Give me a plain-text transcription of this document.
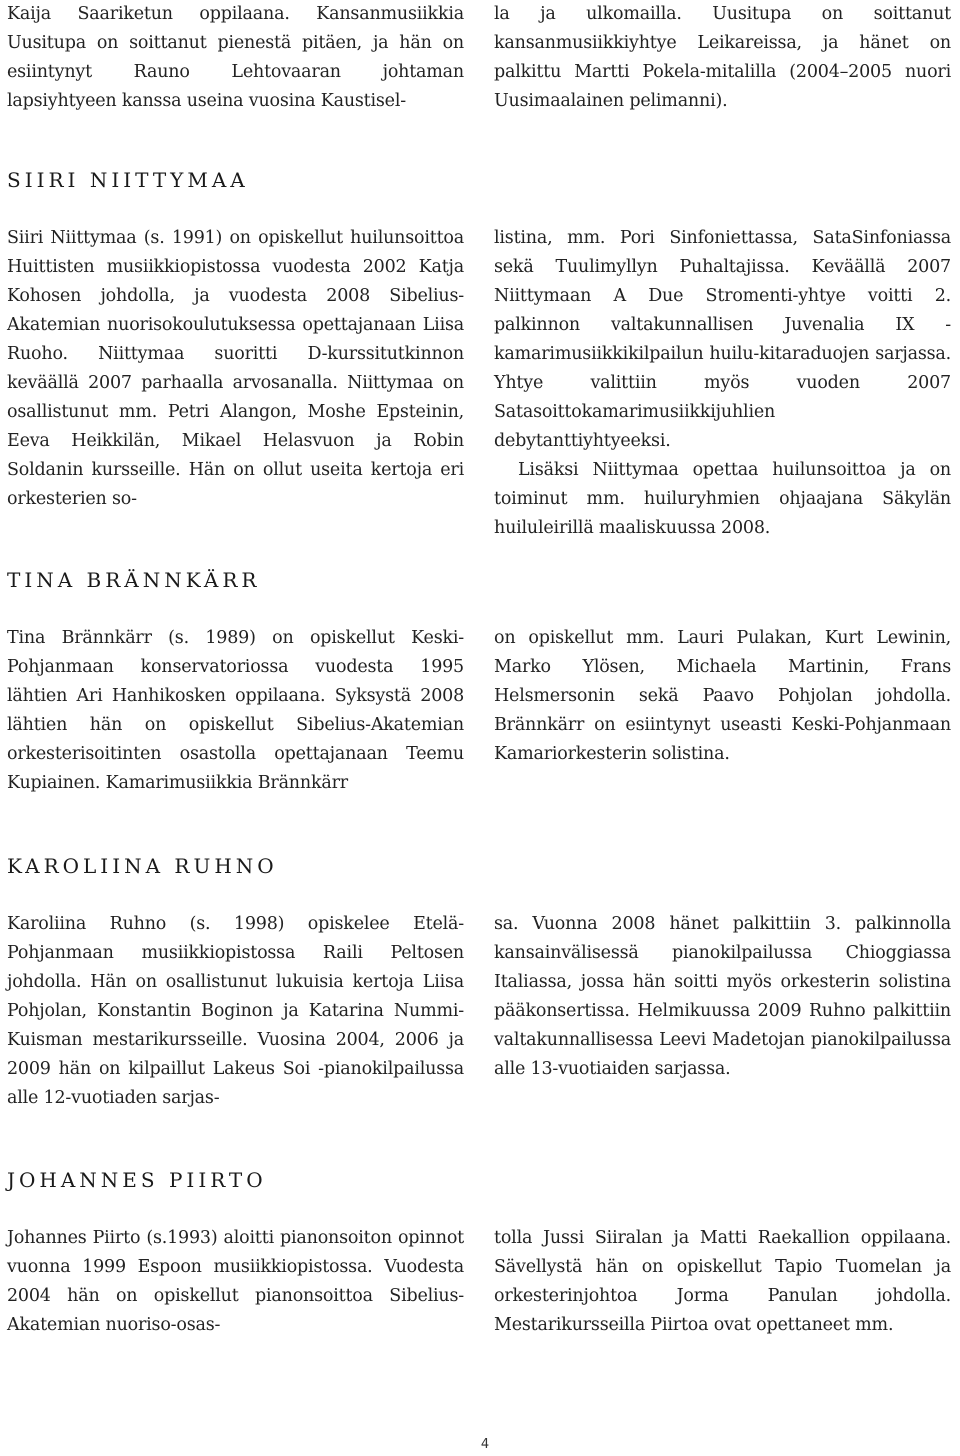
Kaija Saariketun oppilaana. Kansanmusiikkia Uusitupa on soittanut pienestä pitäen, ja hän on esiintynyt Rauno Lehtovaaran johtaman lapsiyhtyeen kanssa useina vuosina Kaustisel-

la ja ulkomailla. Uusitupa on soittanut kansanmusiikkiyhtye Leikareissa, ja hänet on palkittu Martti Pokela-mitalilla (2004–2005 nuori Uusimaalainen pelimanni).

SIIRI NIITTYMAA

Siiri Niittymaa (s. 1991) on opiskellut huilunsoittoa Huittisten musiikkiopistossa vuodesta 2002 Katja Kohosen johdolla, ja vuodesta 2008 Sibelius-Akatemian nuorisokoulutuksessa opettajanaan Liisa Ruoho. Niittymaa suoritti D-kurssitutkinnon keväällä 2007 parhaalla arvosanalla. Niittymaa on osallistunut mm. Petri Alangon, Moshe Epsteinin, Eeva Heikkilän, Mikael Helasvuon ja Robin Soldanin kursseille. Hän on ollut useita kertoja eri orkesterien so-

listina, mm. Pori Sinfoniettassa, SataSinfoniassa sekä Tuulimyllyn Puhaltajissa. Keväällä 2007 Niittymaan A Due Stromenti-yhtye voitti 2. palkinnon valtakunnallisen Juvenalia IX -kamarimusiikkikilpailun huilu-kitaraduojen sarjassa. Yhtye valittiin myös vuoden 2007 Satasoittokamarimusiikkijuhlien debytanttiyhtyeeksi.

Lisäksi Niittymaa opettaa huilunsoittoa ja on toiminut mm. huiluryhmien ohjaajana Säkylän huiluleirillä maaliskuussa 2008.

TINA BRÄNNKÄRR

Tina Brännkärr (s. 1989) on opiskellut Keski-Pohjanmaan konservatoriossa vuodesta 1995 lähtien Ari Hanhikosken oppilaana. Syksystä 2008 lähtien hän on opiskellut Sibelius-Akatemian orkesterisoitinten osastolla opettajanaan Teemu Kupiainen. Kamarimusiikkia Brännkärr

on opiskellut mm. Lauri Pulakan, Kurt Lewinin, Marko Ylösen, Michaela Martinin, Frans Helsmersonin sekä Paavo Pohjolan johdolla. Brännkärr on esiintynyt useasti Keski-Pohjanmaan Kamariorkesterin solistina.

KAROLIINA RUHNO

Karoliina Ruhno (s. 1998) opiskelee Etelä-Pohjanmaan musiikkiopistossa Raili Peltosen johdolla. Hän on osallistunut lukuisia kertoja Liisa Pohjolan, Konstantin Boginon ja Katarina Nummi-Kuisman mestarikursseille. Vuosina 2004, 2006 ja 2009 hän on kilpaillut Lakeus Soi -pianokilpailussa alle 12-vuotiaden sarjas-

sa. Vuonna 2008 hänet palkittiin 3. palkinnolla kansainvälisessä pianokilpailussa Chioggiassa Italiassa, jossa hän soitti myös orkesterin solistina pääkonsertissa. Helmikuussa 2009 Ruhno palkittiin valtakunnallisessa Leevi Madetojan pianokilpailussa alle 13-vuotiaiden sarjassa.

JOHANNES PIIRTO

Johannes Piirto (s.1993) aloitti pianonsoiton opinnot vuonna 1999 Espoon musiikkiopistossa. Vuodesta 2004 hän on opiskellut pianonsoittoa Sibelius-Akatemian nuoriso-osas-

tolla Jussi Siiralan ja Matti Raekallion oppilaana. Sävellystä hän on opiskellut Tapio Tuomelan ja orkesterinjohtoa Jorma Panulan johdolla. Mestarikursseilla Piirtoa ovat opettaneet mm.

4
